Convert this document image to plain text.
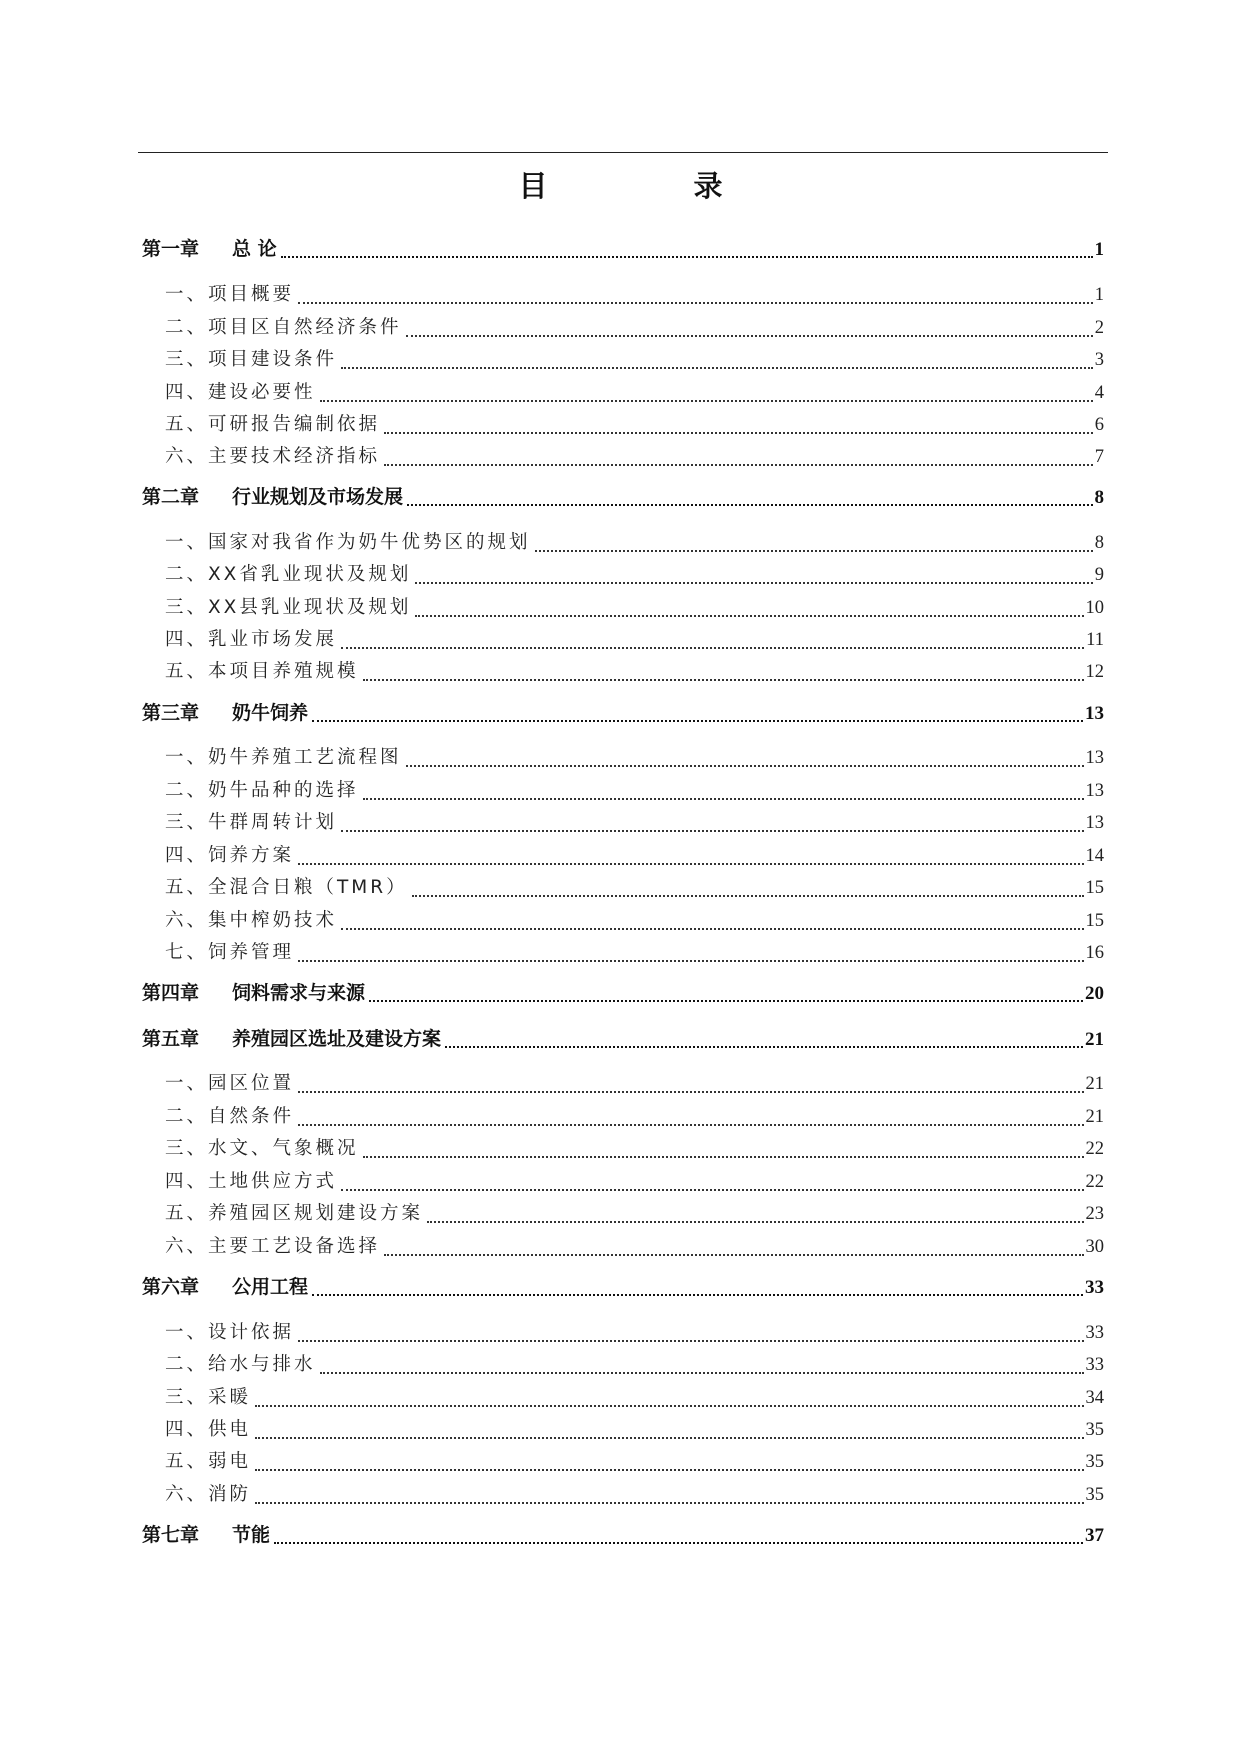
目 录
第一章	总 论	1
一、项目概要	1
二、项目区自然经济条件	2
三、项目建设条件	3
四、建设必要性	4
五、可研报告编制依据	6
六、主要技术经济指标	7
第二章	行业规划及市场发展	8
一、国家对我省作为奶牛优势区的规划	8
二、XX省乳业现状及规划	9
三、XX县乳业现状及规划	10
四、乳业市场发展	11
五、本项目养殖规模	12
第三章	奶牛饲养	13
一、奶牛养殖工艺流程图	13
二、奶牛品种的选择	13
三、牛群周转计划	13
四、饲养方案	14
五、全混合日粮（TMR）	15
六、集中榨奶技术	15
七、饲养管理	16
第四章	饲料需求与来源	20
第五章	养殖园区选址及建设方案	21
一、园区位置	21
二、自然条件	21
三、水文、气象概况	22
四、土地供应方式	22
五、养殖园区规划建设方案	23
六、主要工艺设备选择	30
第六章	公用工程	33
一、设计依据	33
二、给水与排水	33
三、采暖	34
四、供电	35
五、弱电	35
六、消防	35
第七章	节能	37
